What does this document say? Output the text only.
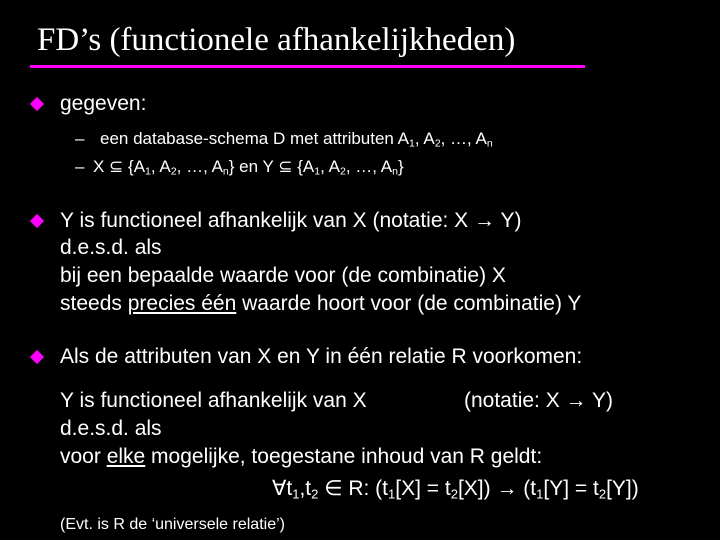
FD’s (functionele afhankelijkheden)
gegeven:
– een database-schema D met attributen $A_1$, $A_2$, …, $A_n$
– X ⊆ {$A_1$, $A_2$, …, $A_n$} en Y ⊆ {$A_1$, $A_2$, …, $A_n$}
Y is functioneel afhankelijk van X (notatie: X → Y)
d.e.s.d. als
bij een bepaalde waarde voor (de combinatie) X
steeds precies één waarde hoort voor (de combinatie) Y
Als de attributen van X en Y in één relatie R voorkomen:
Y is functioneel afhankelijk van X	(notatie: X → Y)
d.e.s.d. als
voor elke mogelijke, toegestane inhoud van R geldt:
$\forall t_1,t_2$ ∈ R: $(t_1[X] = t_2[X]) \to (t_1[Y] = t_2[Y])$
(Evt. is R de ‘universele relatie’)
